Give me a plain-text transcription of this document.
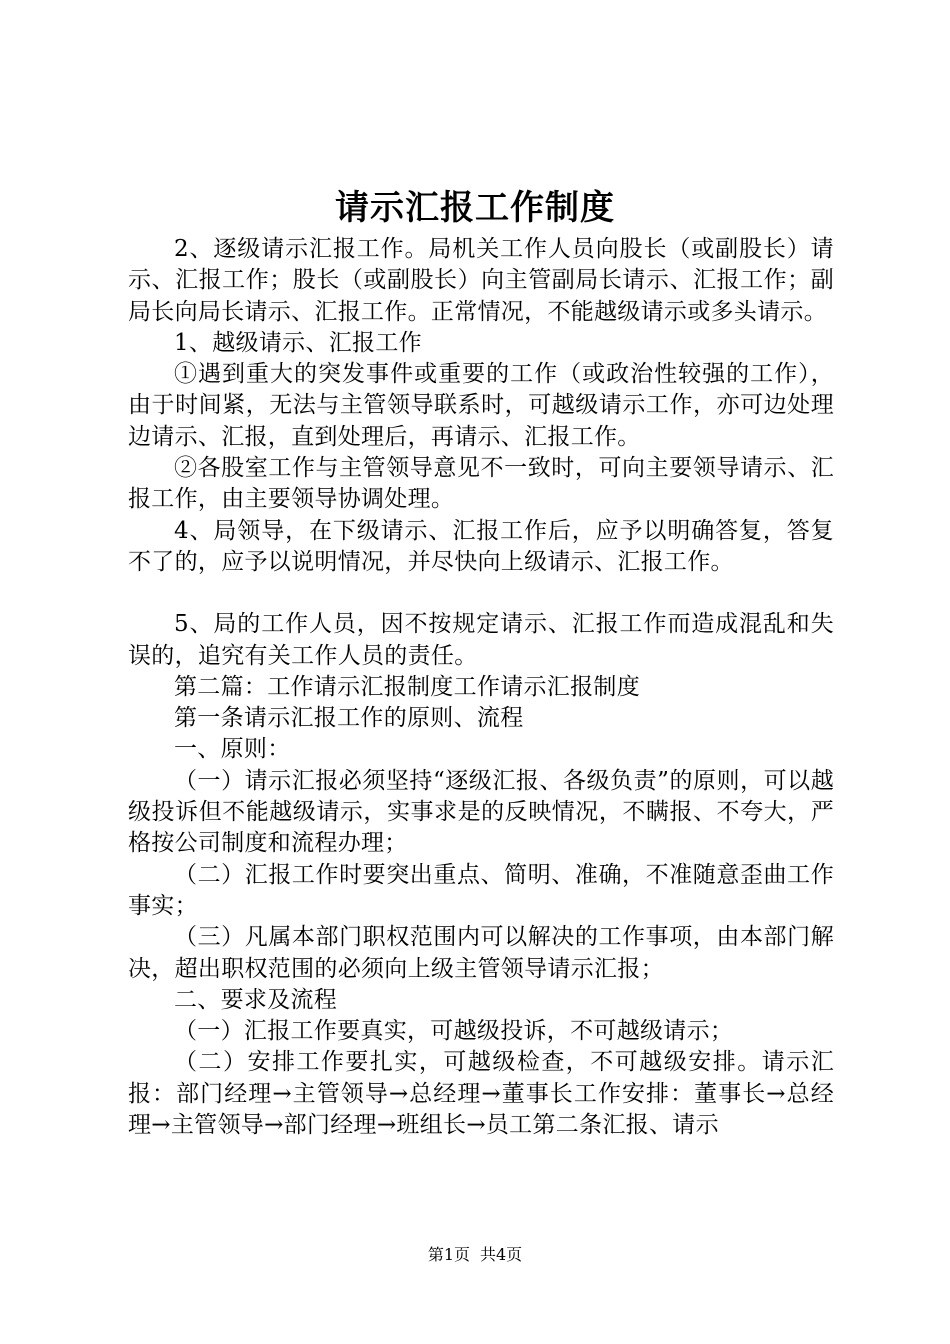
请示汇报工作制度

2、逐级请示汇报工作。局机关工作人员向股长（或副股长）请示、汇报工作；股长（或副股长）向主管副局长请示、汇报工作；副局长向局长请示、汇报工作。正常情况，不能越级请示或多头请示。

1、越级请示、汇报工作

①遇到重大的突发事件或重要的工作（或政治性较强的工作），由于时间紧，无法与主管领导联系时，可越级请示工作，亦可边处理边请示、汇报，直到处理后，再请示、汇报工作。

②各股室工作与主管领导意见不一致时，可向主要领导请示、汇报工作，由主要领导协调处理。

4、局领导，在下级请示、汇报工作后，应予以明确答复，答复不了的，应予以说明情况，并尽快向上级请示、汇报工作。

5、局的工作人员，因不按规定请示、汇报工作而造成混乱和失误的，追究有关工作人员的责任。

第二篇：工作请示汇报制度工作请示汇报制度

第一条请示汇报工作的原则、流程

一、原则：

（一）请示汇报必须坚持“逐级汇报、各级负责”的原则，可以越级投诉但不能越级请示，实事求是的反映情况，不瞒报、不夸大，严格按公司制度和流程办理；

（二）汇报工作时要突出重点、简明、准确，不准随意歪曲工作事实；

（三）凡属本部门职权范围内可以解决的工作事项，由本部门解决，超出职权范围的必须向上级主管领导请示汇报；

二、要求及流程

（一）汇报工作要真实，可越级投诉，不可越级请示；

（二）安排工作要扎实，可越级检查，不可越级安排。请示汇报：部门经理→主管领导→总经理→董事长工作安排：董事长→总经理→主管领导→部门经理→班组长→员工第二条汇报、请示

第1页 共4页
